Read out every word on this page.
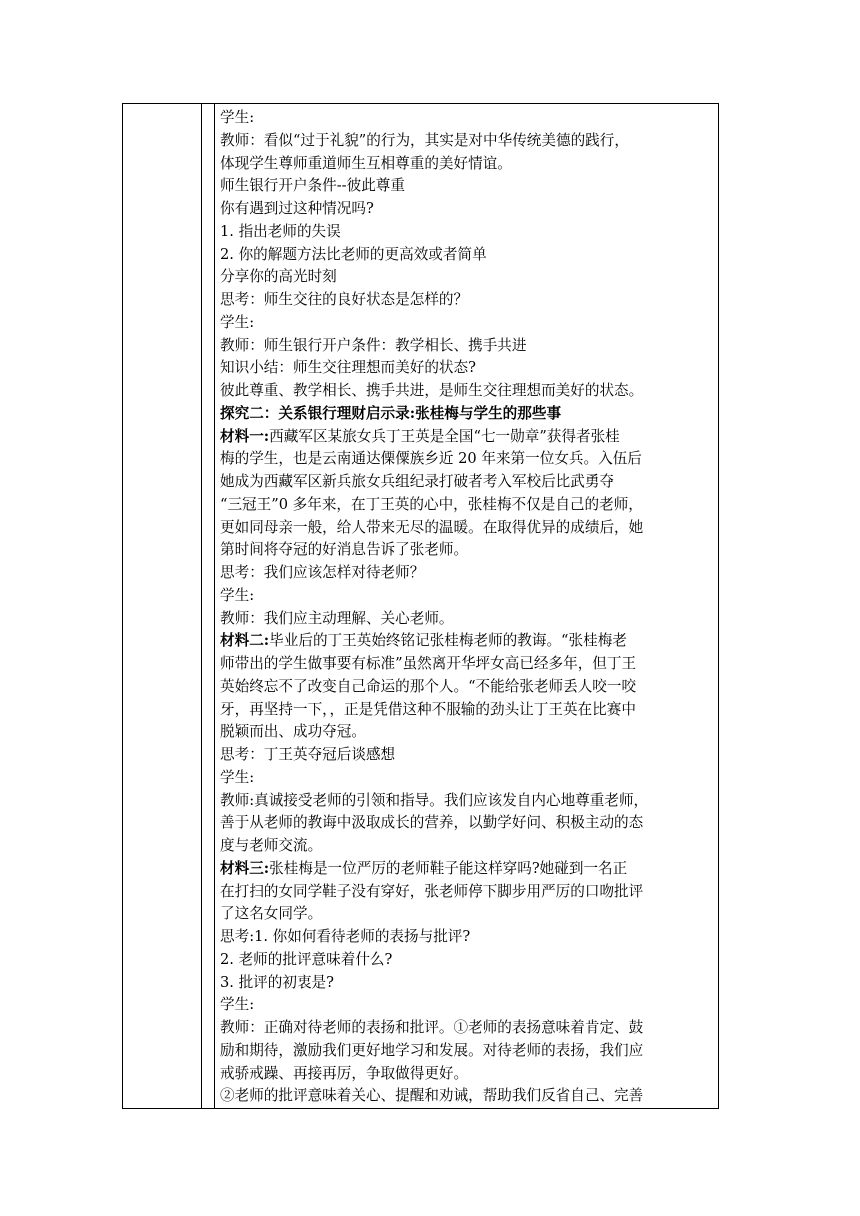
学生:
教师：看似“过于礼貌”的行为，其实是对中华传统美德的践行，
体现学生尊师重道师生互相尊重的美好情谊。
师生银行开户条件--彼此尊重
你有遇到过这种情况吗?
1. 指出老师的失误
2. 你的解题方法比老师的更高效或者简单
分享你的高光时刻
思考：师生交往的良好状态是怎样的？
学生:
教师：师生银行开户条件：教学相长、携手共进
知识小结：师生交往理想而美好的状态?
彼此尊重、教学相长、携手共进，是师生交往理想而美好的状态。
探究二：关系银行理财启示录:张桂梅与学生的那些事
材料一:西藏军区某旅女兵丁王英是全国“七一勋章”获得者张桂
梅的学生，也是云南通达傈僳族乡近 20 年来第一位女兵。入伍后
她成为西藏军区新兵旅女兵组纪录打破者考入军校后比武勇夺
“三冠王”0 多年来，在丁王英的心中，张桂梅不仅是自己的老师，
更如同母亲一般，给人带来无尽的温暖。在取得优异的成绩后，她
第时间将夺冠的好消息告诉了张老师。
思考：我们应该怎样对待老师？
学生:
教师：我们应主动理解、关心老师。
材料二:毕业后的丁王英始终铭记张桂梅老师的教诲。“张桂梅老
师带出的学生做事要有标准”虽然离开华坪女高已经多年，但丁王
英始终忘不了改变自己命运的那个人。“不能给张老师丢人咬一咬
牙，再坚持一下，，正是凭借这种不服输的劲头让丁王英在比赛中
脱颖而出、成功夺冠。
思考：丁王英夺冠后谈感想
学生:
教师:真诚接受老师的引领和指导。我们应该发自内心地尊重老师，
善于从老师的教诲中汲取成长的营养，以勤学好问、积极主动的态
度与老师交流。
材料三:张桂梅是一位严厉的老师鞋子能这样穿吗?她碰到一名正
在打扫的女同学鞋子没有穿好，张老师停下脚步用严厉的口吻批评
了这名女同学。
思考:1. 你如何看待老师的表扬与批评?
2. 老师的批评意味着什么?
3. 批评的初衷是?
学生:
教师：正确对待老师的表扬和批评。①老师的表扬意味着肯定、鼓
励和期待，激励我们更好地学习和发展。对待老师的表扬，我们应
戒骄戒躁、再接再厉，争取做得更好。
②老师的批评意味着关心、提醒和劝诫，帮助我们反省自己、完善
